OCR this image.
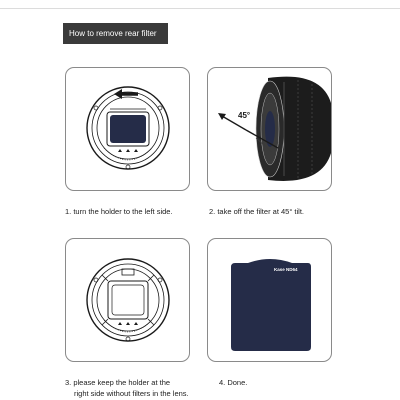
How to remove rear filter
45°
Kase ND64
1. turn the holder to the left side.	2. take off the filter at 45° tilt.
3. please keep the holder at the
right side without filters in the lens.
4. Done.
